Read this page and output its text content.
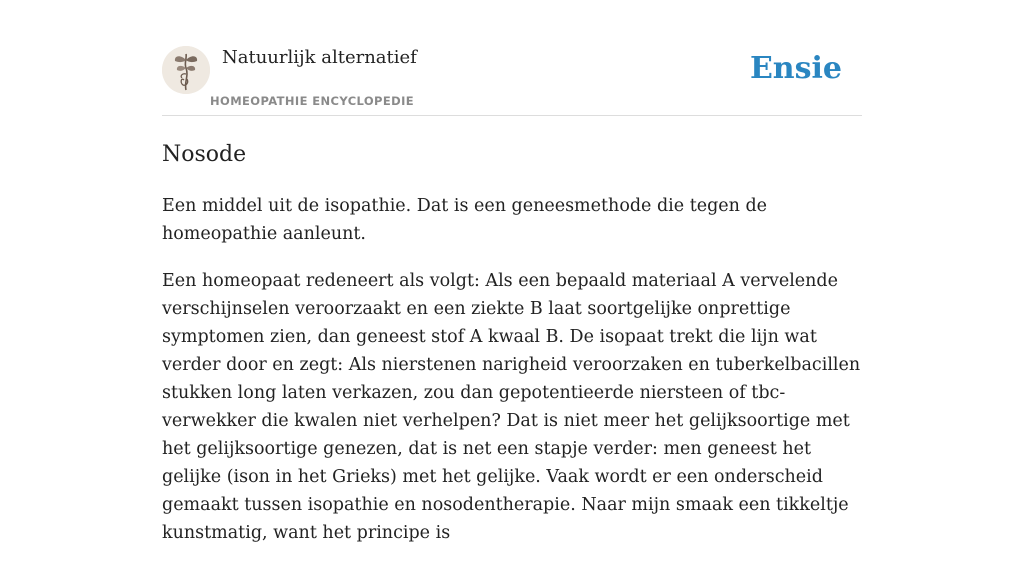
Natuurlijk alternatief
HOMEOPATHIE ENCYCLOPEDIE
Ensie
Nosode

Een middel uit de isopathie. Dat is een geneesmethode die tegen de homeopathie aanleunt.

Een homeopaat redeneert als volgt: Als een bepaald materiaal A vervelende verschijnselen veroorzaakt en een ziekte B laat soortgelijke onprettige symptomen zien, dan geneest stof A kwaal B. De isopaat trekt die lijn wat verder door en zegt: Als nierstenen narigheid veroorzaken en tuberkelbacillen stukken long laten verkazen, zou dan gepotentieerde niersteen of tbc-verwekker die kwalen niet verhelpen? Dat is niet meer het gelijksoortige met het gelijksoortige genezen, dat is net een stapje verder: men geneest het gelijke (ison in het Grieks) met het gelijke. Vaak wordt er een onderscheid gemaakt tussen isopathie en nosodentherapie. Naar mijn smaak een tikkeltje kunstmatig, want het principe is
